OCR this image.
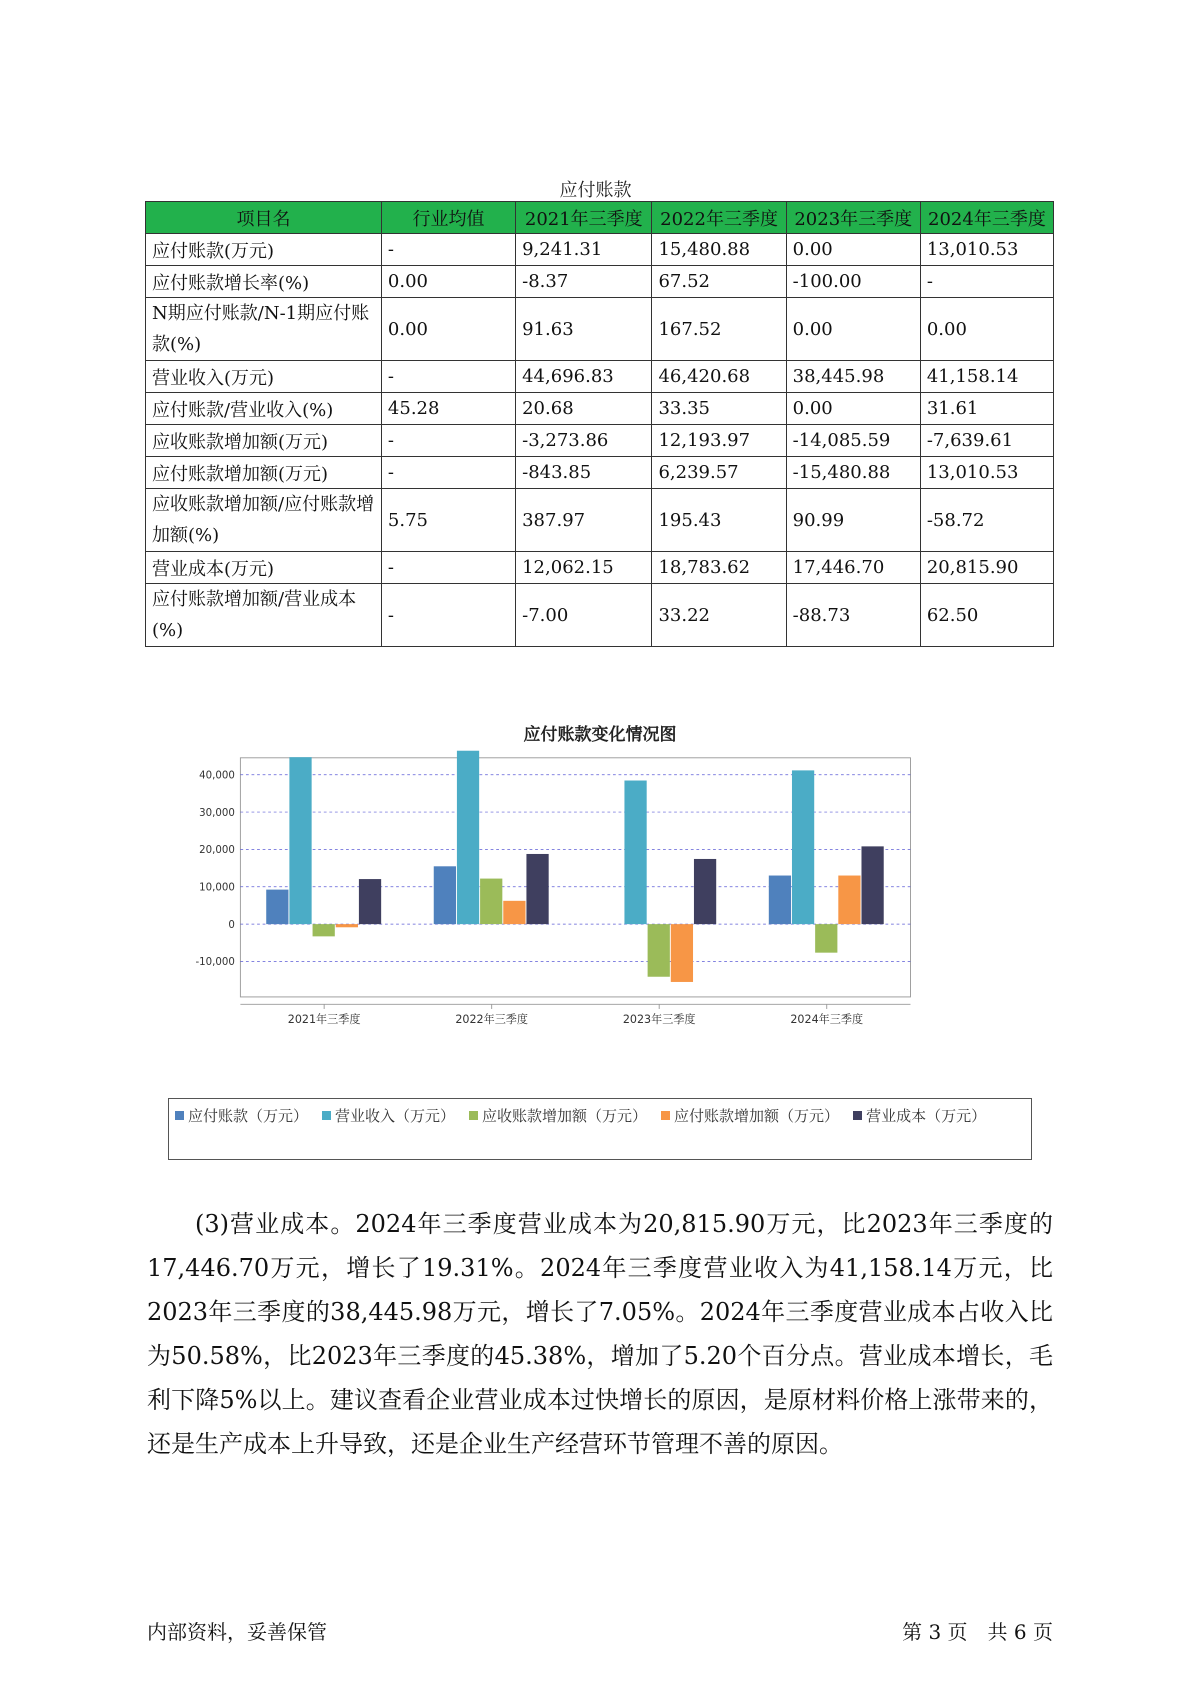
应付账款
项目名	行业均值	2021年三季度	2022年三季度	2023年三季度	2024年三季度
应付账款(万元)	-	9,241.31	15,480.88	0.00	13,010.53
应付账款增长率(%)	0.00	-8.37	67.52	-100.00	-
N期应付账款/N-1期应付账款(%)	0.00	91.63	167.52	0.00	0.00
营业收入(万元)	-	44,696.83	46,420.68	38,445.98	41,158.14
应付账款/营业收入(%)	45.28	20.68	33.35	0.00	31.61
应收账款增加额(万元)	-	-3,273.86	12,193.97	-14,085.59	-7,639.61
应付账款增加额(万元)	-	-843.85	6,239.57	-15,480.88	13,010.53
应收账款增加额/应付账款增加额(%)	5.75	387.97	195.43	90.99	-58.72
营业成本(万元)	-	12,062.15	18,783.62	17,446.70	20,815.90
应付账款增加额/营业成本(%)	-	-7.00	33.22	-88.73	62.50
应付账款变化情况图
40,000
30,000
20,000
10,000
0
-10,000
2021年三季度	2022年三季度	2023年三季度	2024年三季度
应付账款（万元） 营业收入（万元） 应收账款增加额（万元） 应付账款增加额（万元） 营业成本（万元）

(3)营业成本。2024年三季度营业成本为20,815.90万元，比2023年三季度的17,446.70万元，增长了19.31%。2024年三季度营业收入为41,158.14万元，比2023年三季度的38,445.98万元，增长了7.05%。2024年三季度营业成本占收入比为50.58%，比2023年三季度的45.38%，增加了5.20个百分点。营业成本增长，毛利下降5%以上。建议查看企业营业成本过快增长的原因，是原材料价格上涨带来的，还是生产成本上升导致，还是企业生产经营环节管理不善的原因。

内部资料，妥善保管	第 3 页　共 6 页
